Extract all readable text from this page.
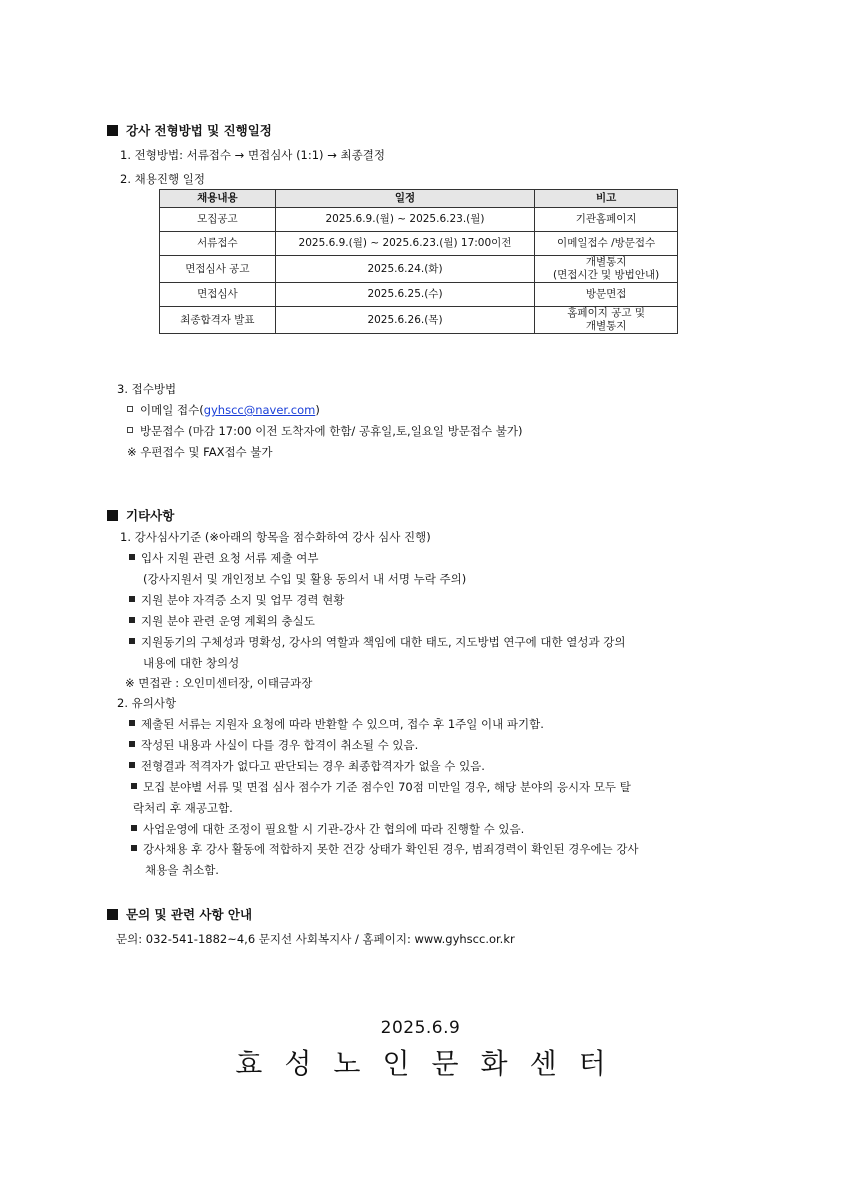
강사 전형방법 및 진행일정
1. 전형방법: 서류접수 → 면접심사 (1:1) → 최종결정
2. 채용진행 일정
채용내용	일정	비고
모집공고	2025.6.9.(월) ~ 2025.6.23.(월)	기관홈페이지
서류접수	2025.6.9.(월) ~ 2025.6.23.(월) 17:00이전	이메일접수 /방문접수
면접심사 공고	2025.6.24.(화)	개별통지
(면접시간 및 방법안내)

면접심사	2025.6.25.(수)	방문면접
최종합격자 발표	2025.6.26.(목)	홈페이지 공고 및
개별통지
3. 접수방법
이메일 접수(gyhscc@naver.com)
방문접수 (마감 17:00 이전 도착자에 한함/ 공휴일,토,일요일 방문접수 불가)
※ 우편접수 및 FAX접수 불가
기타사항
1. 강사심사기준 (※아래의 항목을 점수화하여 강사 심사 진행)
입사 지원 관련 요청 서류 제출 여부
(강사지원서 및 개인정보 수입 및 활용 동의서 내 서명 누락 주의)
지원 분야 자격증 소지 및 업무 경력 현황
지원 분야 관련 운영 계획의 충실도
지원동기의 구체성과 명확성, 강사의 역할과 책임에 대한 태도, 지도방법 연구에 대한 열성과 강의
내용에 대한 창의성
※ 면접관 : 오인미센터장, 이태금과장
2. 유의사항
제출된 서류는 지원자 요청에 따라 반환할 수 있으며, 접수 후 1주일 이내 파기함.
작성된 내용과 사실이 다를 경우 합격이 취소될 수 있음.
전형결과 적격자가 없다고 판단되는 경우 최종합격자가 없을 수 있음.
모집 분야별 서류 및 면접 심사 점수가 기준 점수인 70점 미만일 경우, 해당 분야의 응시자 모두 탈
락처리 후 재공고함.
사업운영에 대한 조정이 필요할 시 기관-강사 간 협의에 따라 진행할 수 있음.
강사채용 후 강사 활동에 적합하지 못한 건강 상태가 확인된 경우, 범죄경력이 확인된 경우에는 강사
채용을 취소함.
문의 및 관련 사항 안내
문의: 032-541-1882~4,6 문지선 사회복지사 / 홈페이지: www.gyhscc.or.kr
2025.6.9
효성노인문화센터
